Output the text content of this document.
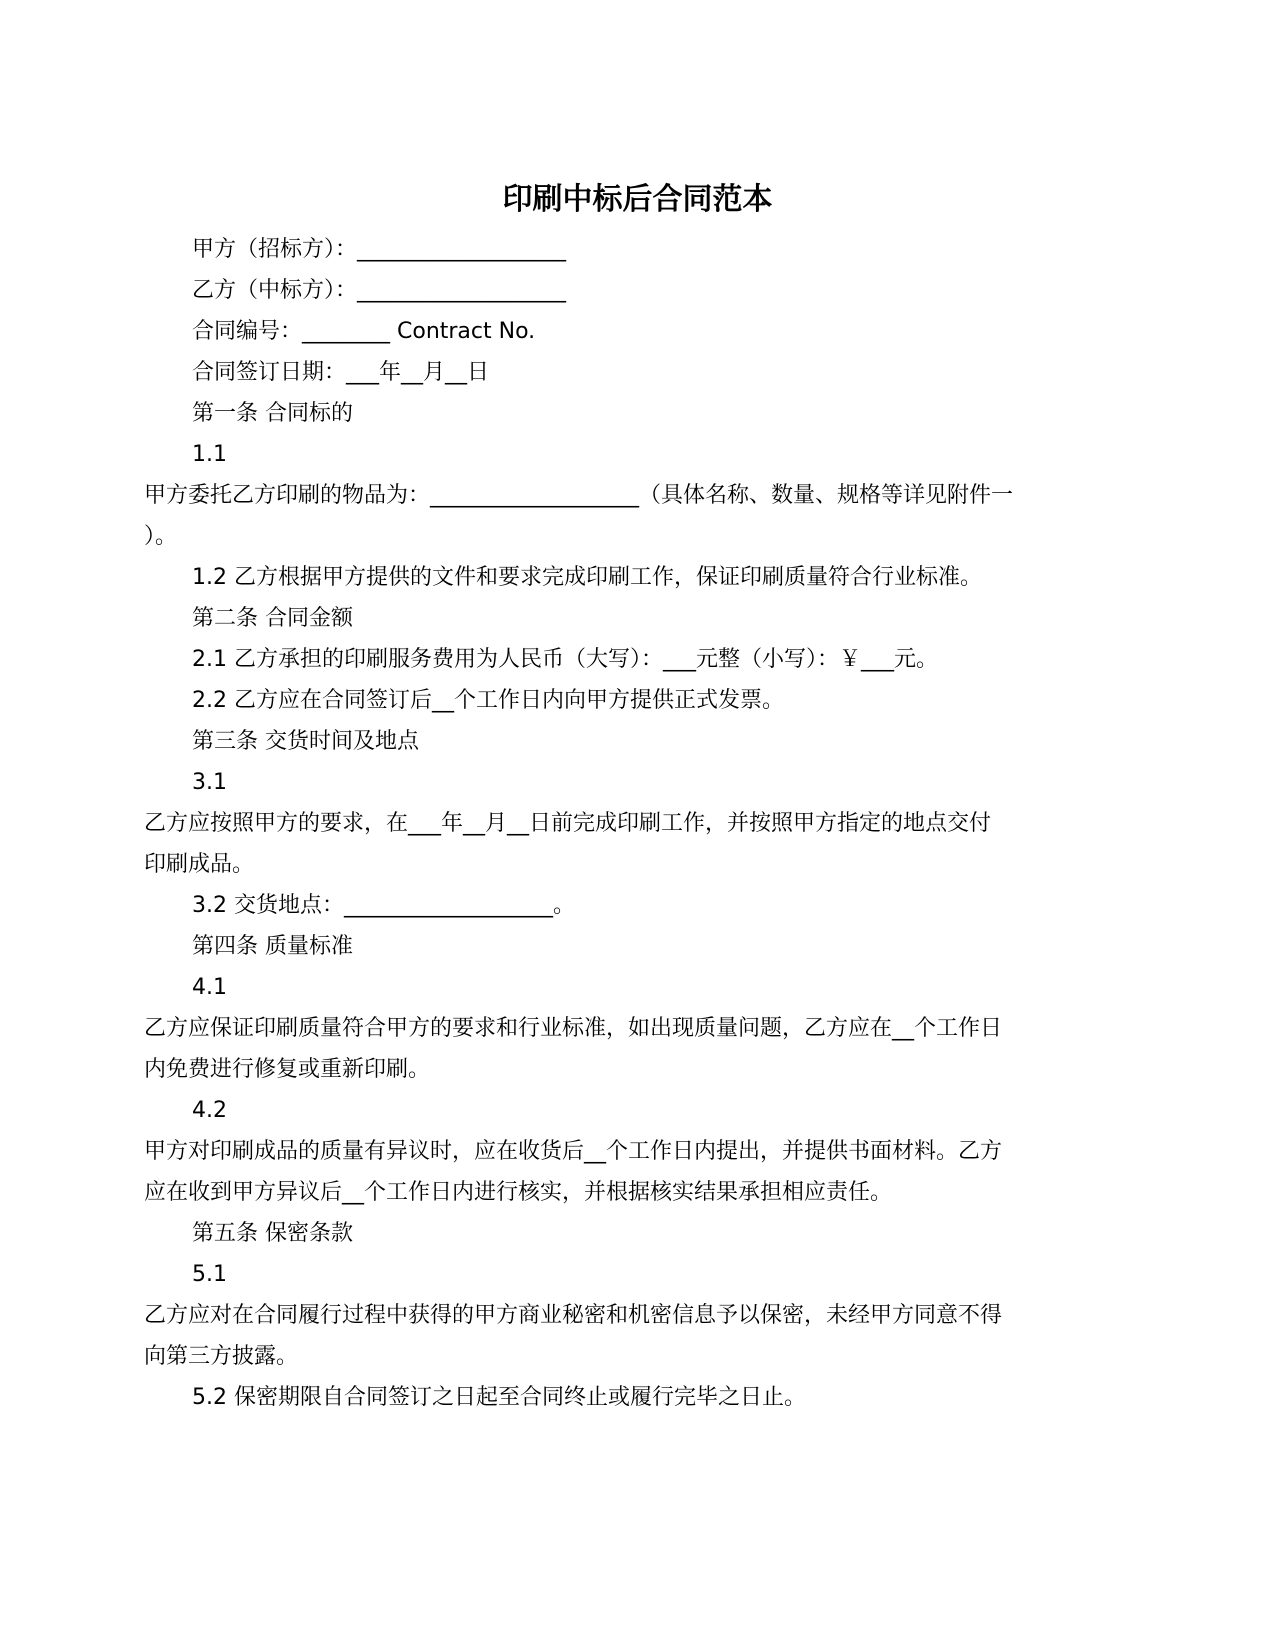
印刷中标后合同范本
甲方（招标方）：___________________
乙方（中标方）：___________________
合同编号：________ Contract No.
合同签订日期：___年__月__日
第一条 合同标的
1.1
甲方委托乙方印刷的物品为：___________________（具体名称、数量、规格等详见附件一
）。
1.2 乙方根据甲方提供的文件和要求完成印刷工作，保证印刷质量符合行业标准。
第二条 合同金额
2.1 乙方承担的印刷服务费用为人民币（大写）：___元整（小写）：￥___元。
2.2 乙方应在合同签订后__个工作日内向甲方提供正式发票。
第三条 交货时间及地点
3.1
乙方应按照甲方的要求，在___年__月__日前完成印刷工作，并按照甲方指定的地点交付
印刷成品。
3.2 交货地点：___________________。
第四条 质量标准
4.1
乙方应保证印刷质量符合甲方的要求和行业标准，如出现质量问题，乙方应在__个工作日
内免费进行修复或重新印刷。
4.2
甲方对印刷成品的质量有异议时，应在收货后__个工作日内提出，并提供书面材料。乙方
应在收到甲方异议后__个工作日内进行核实，并根据核实结果承担相应责任。
第五条 保密条款
5.1
乙方应对在合同履行过程中获得的甲方商业秘密和机密信息予以保密，未经甲方同意不得
向第三方披露。
5.2 保密期限自合同签订之日起至合同终止或履行完毕之日止。
